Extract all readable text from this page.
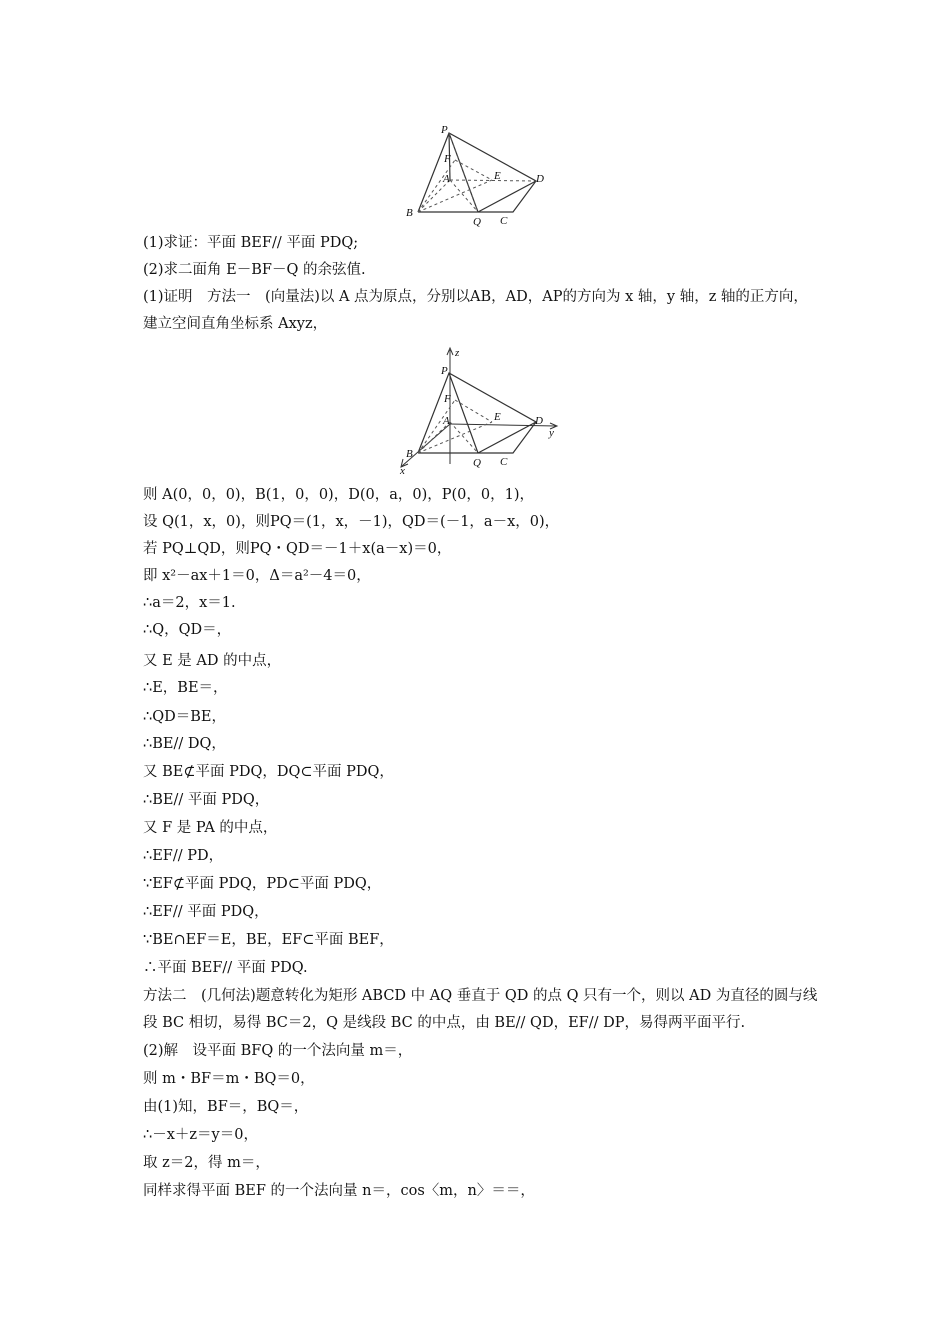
P
F
A	E	D
B
Q C
(1)求证：平面 BEF// 平面 PDQ;
(2)求二面角 E－BF－Q 的余弦值.
(1)证明　方法一　(向量法)以 A 点为原点，分别以AB，AD，AP的方向为 x 轴，y 轴，z 轴的正方向，建立空间直角坐标系 Axyz，
z
y
x
P
F
A	E	D
B
Q C
则 A(0，0，0)，B(1，0，0)，D(0，a，0)，P(0，0，1)，
设 Q(1，x，0)，则PQ＝(1，x，－1)，QD＝(－1，a－x，0)，
若 PQ⊥QD，则PQ・QD＝－1＋x(a－x)＝0，
即 x²－ax＋1＝0，Δ＝a²－4＝0，
∴a＝2，x＝1.
∴Q，QD＝，
又 E 是 AD 的中点，
∴E，BE＝，
∴QD＝BE，
∴BE// DQ，
又 BE⊄平面 PDQ，DQ⊂平面 PDQ，
∴BE// 平面 PDQ，
又 F 是 PA 的中点，
∴EF// PD，
∵EF⊄平面 PDQ，PD⊂平面 PDQ，
∴EF// 平面 PDQ，
∵BE∩EF＝E，BE，EF⊂平面 BEF，
∴平面 BEF// 平面 PDQ.
方法二　(几何法)题意转化为矩形 ABCD 中 AQ 垂直于 QD 的点 Q 只有一个，则以 AD 为直径的圆与线段 BC 相切，易得 BC＝2，Q 是线段 BC 的中点，由 BE// QD，EF// DP，易得两平面平行.
(2)解　设平面 BFQ 的一个法向量 m＝，
则 m・BF＝m・BQ＝0，
由(1)知，BF＝，BQ＝，
∴－x＋z＝y＝0，
取 z＝2，得 m＝，
同样求得平面 BEF 的一个法向量 n＝，cos〈m，n〉＝＝，
